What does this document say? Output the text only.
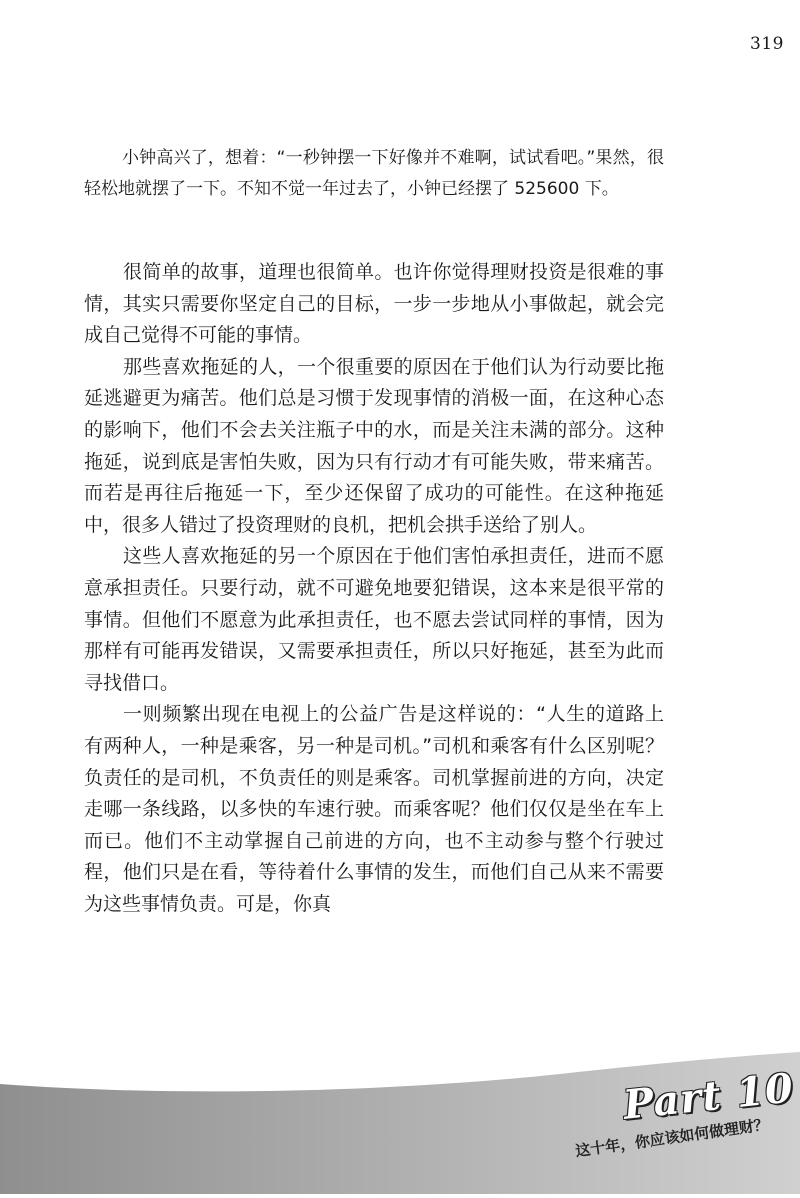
319

小钟高兴了，想着：“一秒钟摆一下好像并不难啊，试试看吧。”果然，很轻松地就摆了一下。不知不觉一年过去了，小钟已经摆了 525600 下。

很简单的故事，道理也很简单。也许你觉得理财投资是很难的事情，其实只需要你坚定自己的目标，一步一步地从小事做起，就会完成自己觉得不可能的事情。

那些喜欢拖延的人，一个很重要的原因在于他们认为行动要比拖延逃避更为痛苦。他们总是习惯于发现事情的消极一面，在这种心态的影响下，他们不会去关注瓶子中的水，而是关注未满的部分。这种拖延，说到底是害怕失败，因为只有行动才有可能失败，带来痛苦。而若是再往后拖延一下，至少还保留了成功的可能性。在这种拖延中，很多人错过了投资理财的良机，把机会拱手送给了别人。

这些人喜欢拖延的另一个原因在于他们害怕承担责任，进而不愿意承担责任。只要行动，就不可避免地要犯错误，这本来是很平常的事情。但他们不愿意为此承担责任，也不愿去尝试同样的事情，因为那样有可能再发错误，又需要承担责任，所以只好拖延，甚至为此而寻找借口。

一则频繁出现在电视上的公益广告是这样说的：“人生的道路上有两种人，一种是乘客，另一种是司机。”司机和乘客有什么区别呢？负责任的是司机，不负责任的则是乘客。司机掌握前进的方向，决定走哪一条线路，以多快的车速行驶。而乘客呢？他们仅仅是坐在车上而已。他们不主动掌握自己前进的方向，也不主动参与整个行驶过程，他们只是在看，等待着什么事情的发生，而他们自己从来不需要为这些事情负责。可是，你真

Part 10
这十年，你应该如何做理财？
